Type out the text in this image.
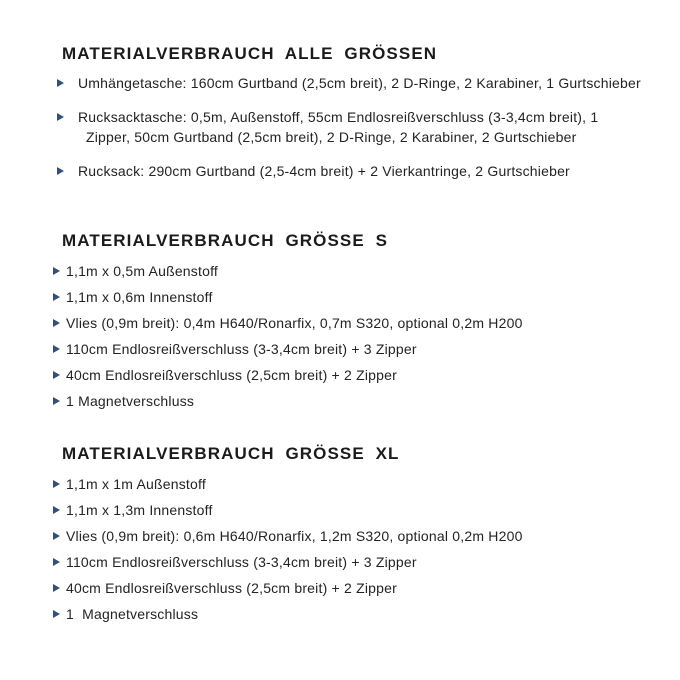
MATERIALVERBRAUCH ALLE GRÖSSEN
Umhängetasche: 160cm Gurtband (2,5cm breit), 2 D-Ringe, 2 Karabiner, 1 Gurtschieber
Rucksacktasche: 0,5m, Außenstoff, 55cm Endlosreißverschluss (3-3,4cm breit), 1 Zipper, 50cm Gurtband (2,5cm breit), 2 D-Ringe, 2 Karabiner, 2 Gurtschieber
Rucksack: 290cm Gurtband (2,5-4cm breit) + 2 Vierkantringe, 2 Gurtschieber
MATERIALVERBRAUCH GRÖSSE S
1,1m x 0,5m Außenstoff
1,1m x 0,6m Innenstoff
Vlies (0,9m breit): 0,4m H640/Ronarfix, 0,7m S320, optional 0,2m H200
110cm Endlosreißverschluss (3-3,4cm breit) + 3 Zipper
40cm Endlosreißverschluss (2,5cm breit) + 2 Zipper
1 Magnetverschluss
MATERIALVERBRAUCH GRÖSSE XL
1,1m x 1m Außenstoff
1,1m x 1,3m Innenstoff
Vlies (0,9m breit): 0,6m H640/Ronarfix, 1,2m S320, optional 0,2m H200
110cm Endlosreißverschluss (3-3,4cm breit) + 3 Zipper
40cm Endlosreißverschluss (2,5cm breit) + 2 Zipper
1  Magnetverschluss
